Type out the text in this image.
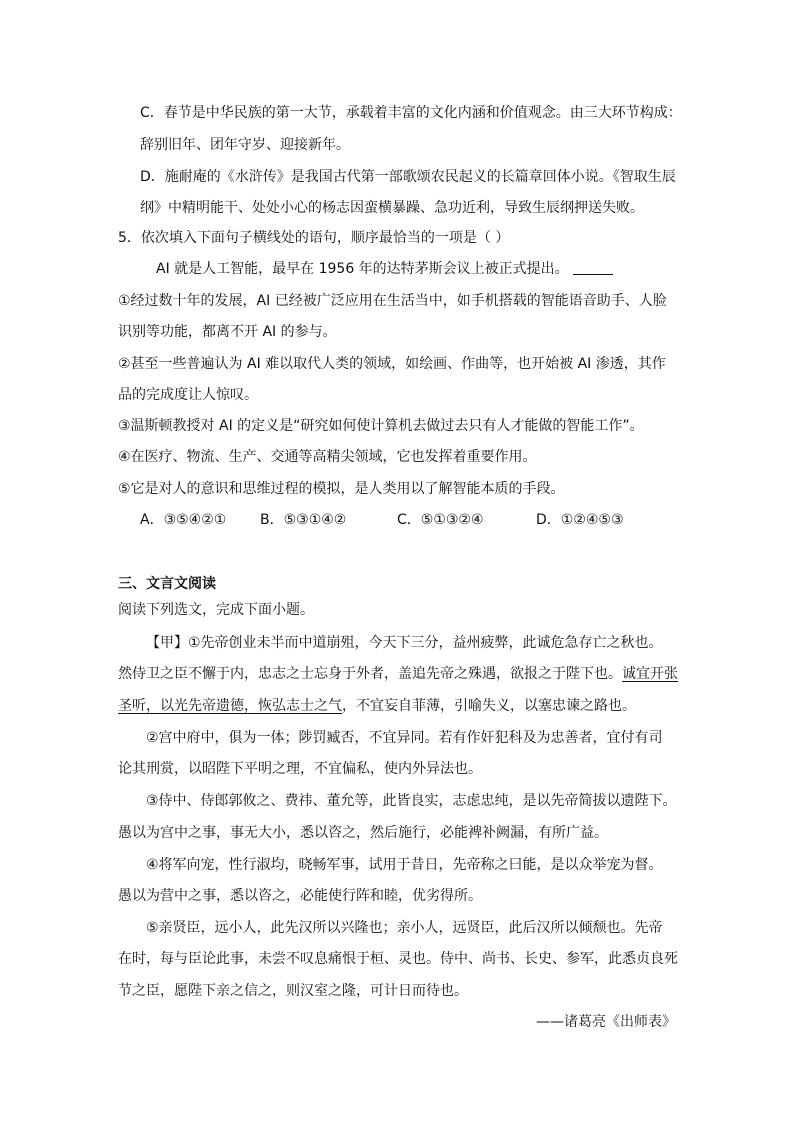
C．春节是中华民族的第一大节，承载着丰富的文化内涵和价值观念。由三大环节构成：
辞别旧年、团年守岁、迎接新年。
D．施耐庵的《水浒传》是我国古代第一部歌颂农民起义的长篇章回体小说。《智取生辰
纲》中精明能干、处处小心的杨志因蛮横暴躁、急功近利，导致生辰纲押送失败。
5．依次填入下面句子横线处的语句，顺序最恰当的一项是（ ）
AI 就是人工智能，最早在 1956 年的达特茅斯会议上被正式提出。
①经过数十年的发展，AI 已经被广泛应用在生活当中，如手机搭载的智能语音助手、人脸
识别等功能，都离不开 AI 的参与。
②甚至一些普遍认为 AI 难以取代人类的领域，如绘画、作曲等，也开始被 AI 渗透，其作
品的完成度让人惊叹。
③温斯顿教授对 AI 的定义是“研究如何使计算机去做过去只有人才能做的智能工作”。
④在医疗、物流、生产、交通等高精尖领域，它也发挥着重要作用。
⑤它是对人的意识和思维过程的模拟，是人类用以了解智能本质的手段。
A．③⑤④②① B．⑤③①④②	C．⑤①③②④	D．①②④⑤③
三、文言文阅读
阅读下列选文，完成下面小题。
【甲】①先帝创业未半而中道崩殂，今天下三分，益州疲弊，此诚危急存亡之秋也。
然侍卫之臣不懈于内，忠志之士忘身于外者，盖追先帝之殊遇，欲报之于陛下也。诚宜开张
圣听，以光先帝遗德，恢弘志士之气，不宜妄自菲薄，引喻失义，以塞忠谏之路也。
②宫中府中，俱为一体；陟罚臧否，不宜异同。若有作奸犯科及为忠善者，宜付有司
论其刑赏，以昭陛下平明之理，不宜偏私，使内外异法也。
③侍中、侍郎郭攸之、费祎、董允等，此皆良实，志虑忠纯，是以先帝简拔以遗陛下。
愚以为宫中之事，事无大小，悉以咨之，然后施行，必能裨补阙漏，有所广益。
④将军向宠，性行淑均，晓畅军事，试用于昔日，先帝称之曰能，是以众举宠为督。
愚以为营中之事，悉以咨之，必能使行阵和睦，优劣得所。
⑤亲贤臣，远小人，此先汉所以兴隆也；亲小人，远贤臣，此后汉所以倾颓也。先帝
在时，每与臣论此事，未尝不叹息痛恨于桓、灵也。侍中、尚书、长史、参军，此悉贞良死
节之臣，愿陛下亲之信之，则汉室之隆，可计日而待也。
——诸葛亮《出师表》
